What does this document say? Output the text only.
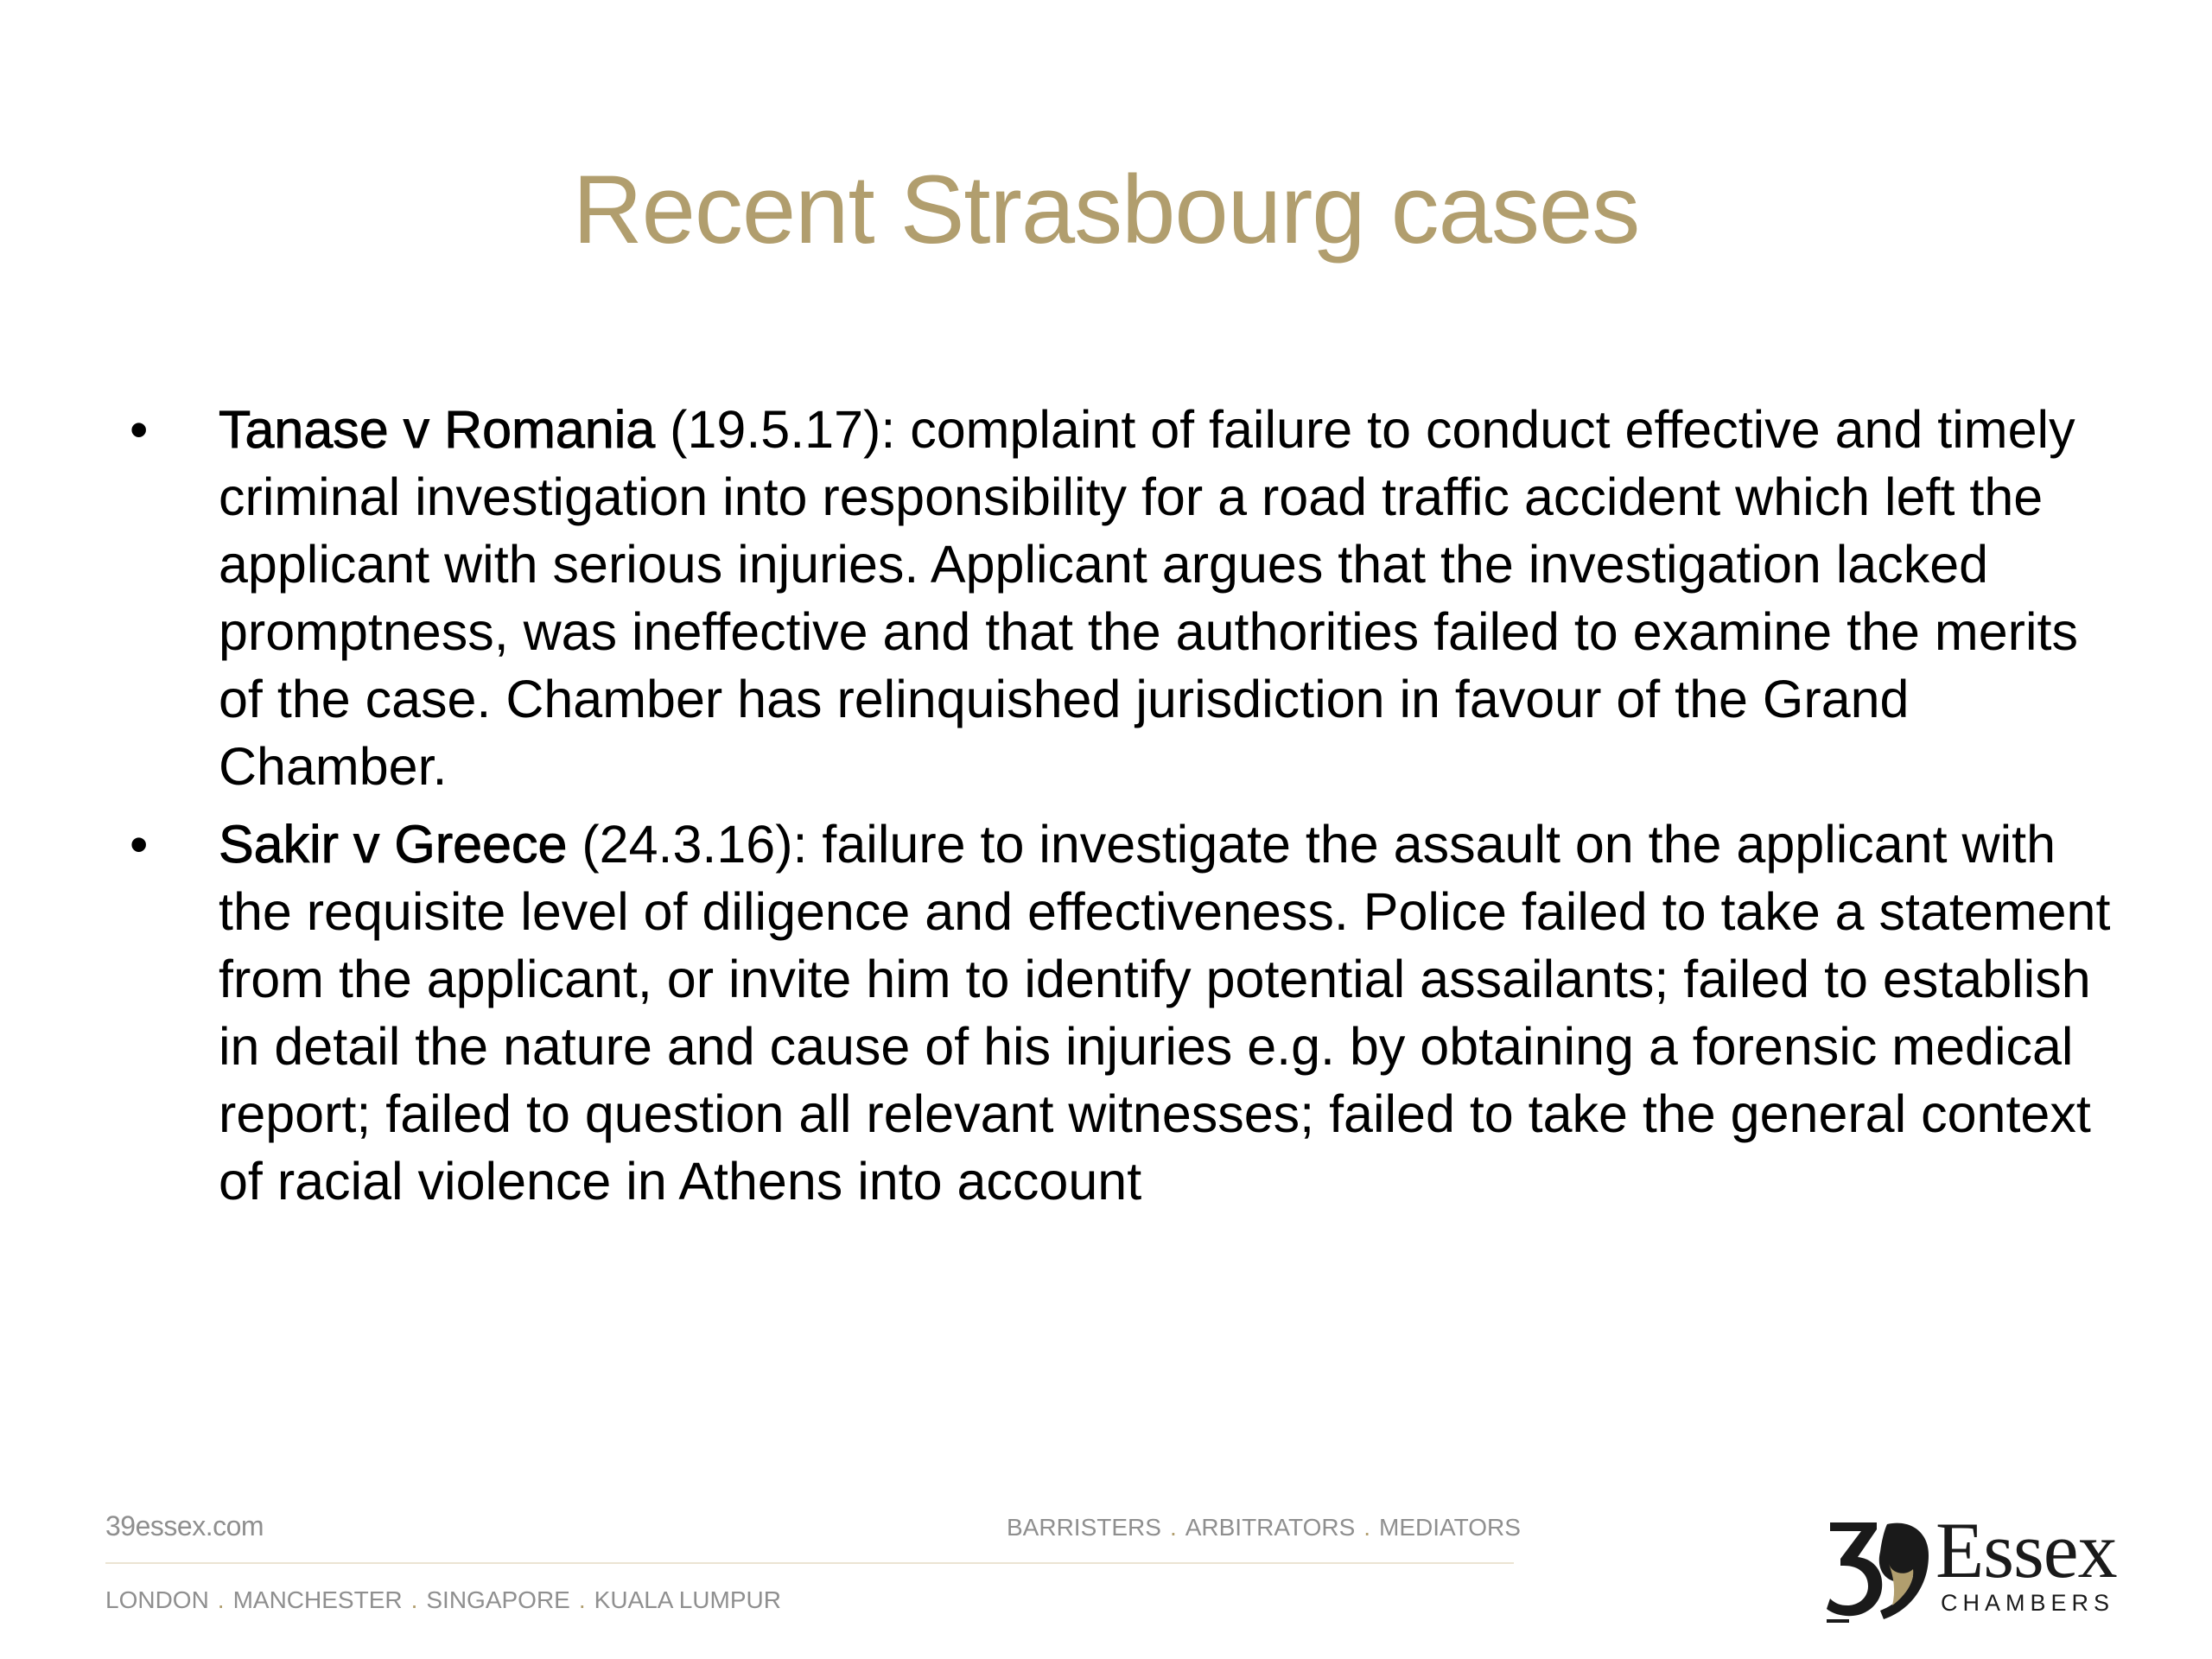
Recent Strasbourg cases
•	Tanase v Romania (19.5.17): complaint of failure to conduct effective and timely criminal investigation into responsibility for a road traffic accident which left the applicant with serious injuries. Applicant argues that the investigation lacked promptness, was ineffective and that the authorities failed to examine the merits of the case. Chamber has relinquished jurisdiction in favour of the Grand Chamber.
•	Sakir v Greece (24.3.16): failure to investigate the assault on the applicant with the requisite level of diligence and effectiveness. Police failed to take a statement from the applicant, or invite him to identify potential assailants; failed to establish in detail the nature and cause of his injuries e.g. by obtaining a forensic medical report; failed to question all relevant witnesses; failed to take the general context of racial violence in Athens into account
39essex.com	BARRISTERS . ARBITRATORS . MEDIATORS
LONDON . MANCHESTER . SINGAPORE . KUALA LUMPUR
Essex
CHAMBERS
